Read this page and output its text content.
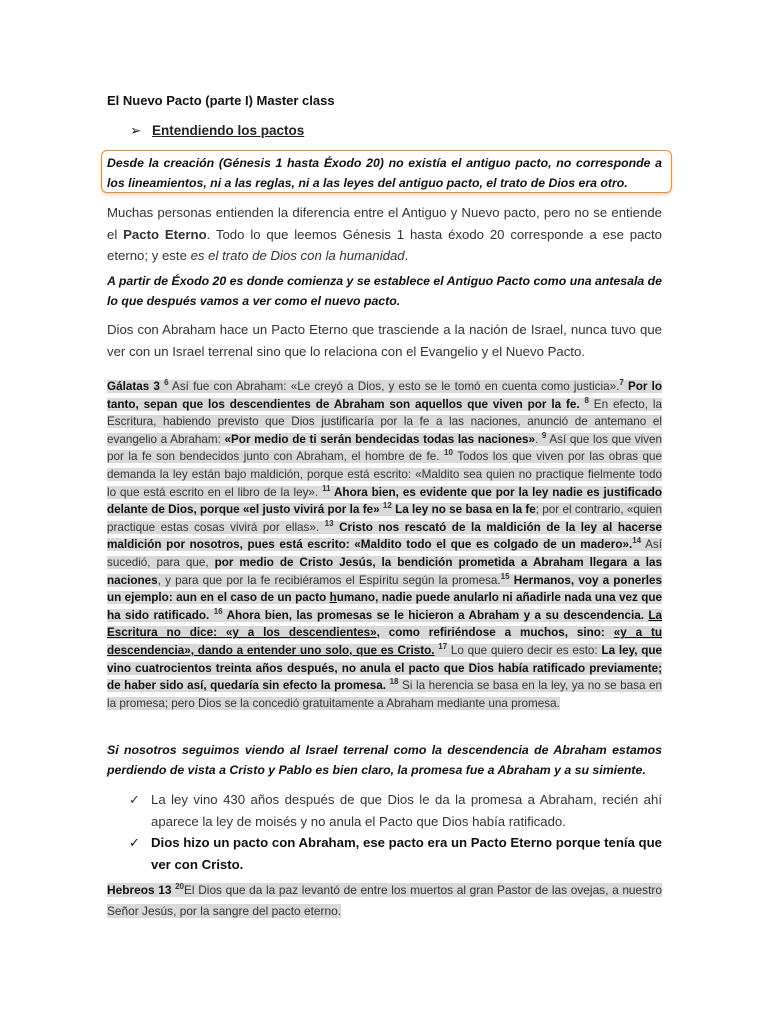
El Nuevo Pacto (parte I) Master class
➢ Entendiendo los pactos
Desde la creación (Génesis 1 hasta Éxodo 20) no existía el antiguo pacto, no corresponde a los lineamientos, ni a las reglas, ni a las leyes del antiguo pacto, el trato de Dios era otro.
Muchas personas entienden la diferencia entre el Antiguo y Nuevo pacto, pero no se entiende el Pacto Eterno. Todo lo que leemos Génesis 1 hasta éxodo 20 corresponde a ese pacto eterno; y este es el trato de Dios con la humanidad.
A partir de Éxodo 20 es donde comienza y se establece el Antiguo Pacto como una antesala de lo que después vamos a ver como el nuevo pacto.
Dios con Abraham hace un Pacto Eterno que trasciende a la nación de Israel, nunca tuvo que ver con un Israel terrenal sino que lo relaciona con el Evangelio y el Nuevo Pacto.
Gálatas 3 $^6$ Así fue con Abraham: «Le creyó a Dios, y esto se le tomó en cuenta como justicia».$^7$ Por lo tanto, sepan que los descendientes de Abraham son aquellos que viven por la fe. $^8$ En efecto, la Escritura, habiendo previsto que Dios justificaría por la fe a las naciones, anunció de antemano el evangelio a Abraham: «Por medio de ti serán bendecidas todas las naciones». $^9$ Así que los que viven por la fe son bendecidos junto con Abraham, el hombre de fe. $^{10}$ Todos los que viven por las obras que demanda la ley están bajo maldición, porque está escrito: «Maldito sea quien no practique fielmente todo lo que está escrito en el libro de la ley». $^{11}$ Ahora bien, es evidente que por la ley nadie es justificado delante de Dios, porque «el justo vivirá por la fe» $^{12}$ La ley no se basa en la fe; por el contrario, «quien practique estas cosas vivirá por ellas». $^{13}$ Cristo nos rescató de la maldición de la ley al hacerse maldición por nosotros, pues está escrito: «Maldito todo el que es colgado de un madero».$^{14}$ Así sucedió, para que, por medio de Cristo Jesús, la bendición prometida a Abraham llegara a las naciones, y para que por la fe recibiéramos el Espíritu según la promesa.$^{15}$ Hermanos, voy a ponerles un ejemplo: aun en el caso de un pacto humano, nadie puede anularlo ni añadirle nada una vez que ha sido ratificado. $^{16}$ Ahora bien, las promesas se le hicieron a Abraham y a su descendencia. La Escritura no dice: «y a los descendientes», como refiriéndose a muchos, sino: «y a tu descendencia», dando a entender uno solo, que es Cristo. $^{17}$ Lo que quiero decir es esto: La ley, que vino cuatrocientos treinta años después, no anula el pacto que Dios había ratificado previamente; de haber sido así, quedaría sin efecto la promesa. $^{18}$ Si la herencia se basa en la ley, ya no se basa en la promesa; pero Dios se la concedió gratuitamente a Abraham mediante una promesa.
Si nosotros seguimos viendo al Israel terrenal como la descendencia de Abraham estamos perdiendo de vista a Cristo y Pablo es bien claro, la promesa fue a Abraham y a su simiente.
✓ La ley vino 430 años después de que Dios le da la promesa a Abraham, recién ahí aparece la ley de moisés y no anula el Pacto que Dios había ratificado.
✓ Dios hizo un pacto con Abraham, ese pacto era un Pacto Eterno porque tenía que ver con Cristo.
Hebreos 13 $^{20}$El Dios que da la paz levantó de entre los muertos al gran Pastor de las ovejas, a nuestro Señor Jesús, por la sangre del pacto eterno.
